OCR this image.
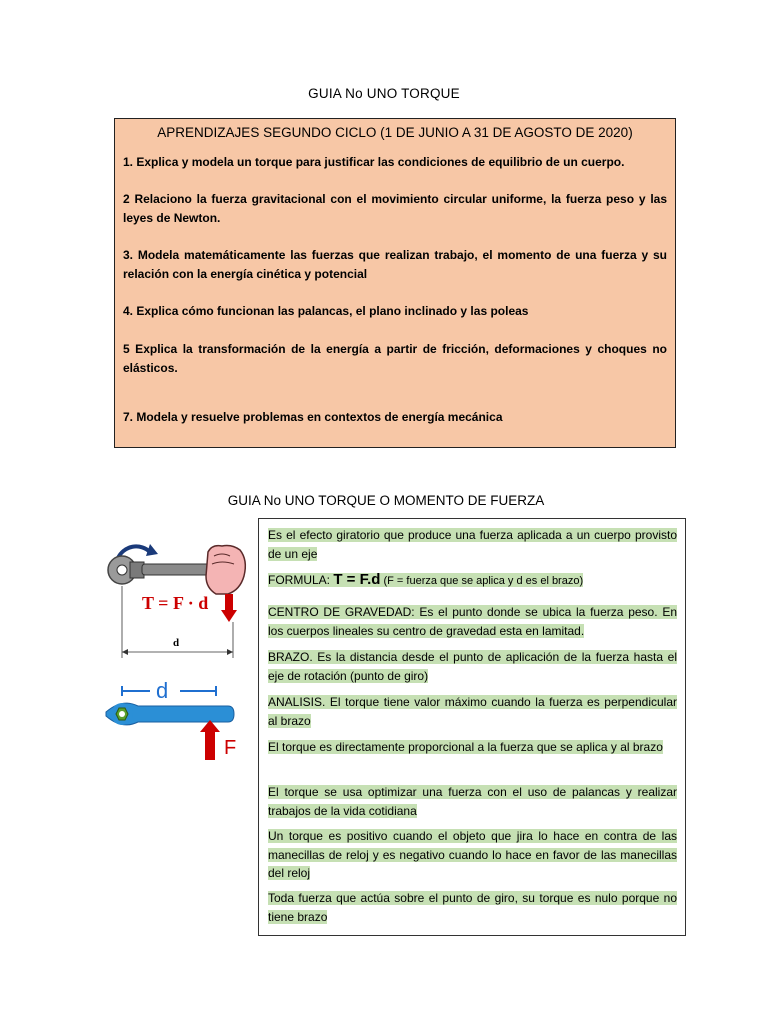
GUIA No UNO TORQUE
APRENDIZAJES SEGUNDO CICLO (1 DE JUNIO A 31 DE AGOSTO DE 2020)
1. Explica y modela un torque para justificar las condiciones de equilibrio de un cuerpo.
2 Relaciono la fuerza gravitacional con el movimiento circular uniforme, la fuerza peso y las leyes de Newton.
3. Modela matemáticamente las fuerzas que realizan trabajo, el momento de una fuerza y su relación con la energía cinética y potencial
4. Explica cómo funcionan las palancas, el plano inclinado y las poleas
5 Explica la transformación de la energía a partir de fricción, deformaciones y choques no elásticos.
7. Modela y resuelve problemas en contextos de energía mecánica
GUIA No UNO TORQUE O MOMENTO DE FUERZA
T = F · d
d
d
F
Es el efecto giratorio que produce una fuerza aplicada a un cuerpo provisto de un eje
FORMULA: T = F.d (F = fuerza que se aplica y d es el brazo)
CENTRO DE GRAVEDAD: Es el punto donde se ubica la fuerza peso. En los cuerpos lineales su centro de gravedad esta en lamitad.
BRAZO. Es la distancia desde el punto de aplicación de la fuerza hasta el eje de rotación (punto de giro)
ANALISIS. El torque tiene valor máximo cuando la fuerza es perpendicular al brazo
El torque es directamente proporcional a la fuerza que se aplica y al brazo
El torque se usa optimizar una fuerza con el uso de palancas y realizar trabajos de la vida cotidiana
Un torque es positivo cuando el objeto que jira lo hace en contra de las manecillas de reloj y es negativo cuando lo hace en favor de las manecillas del reloj
Toda fuerza que actúa sobre el punto de giro, su torque es nulo porque no tiene brazo
